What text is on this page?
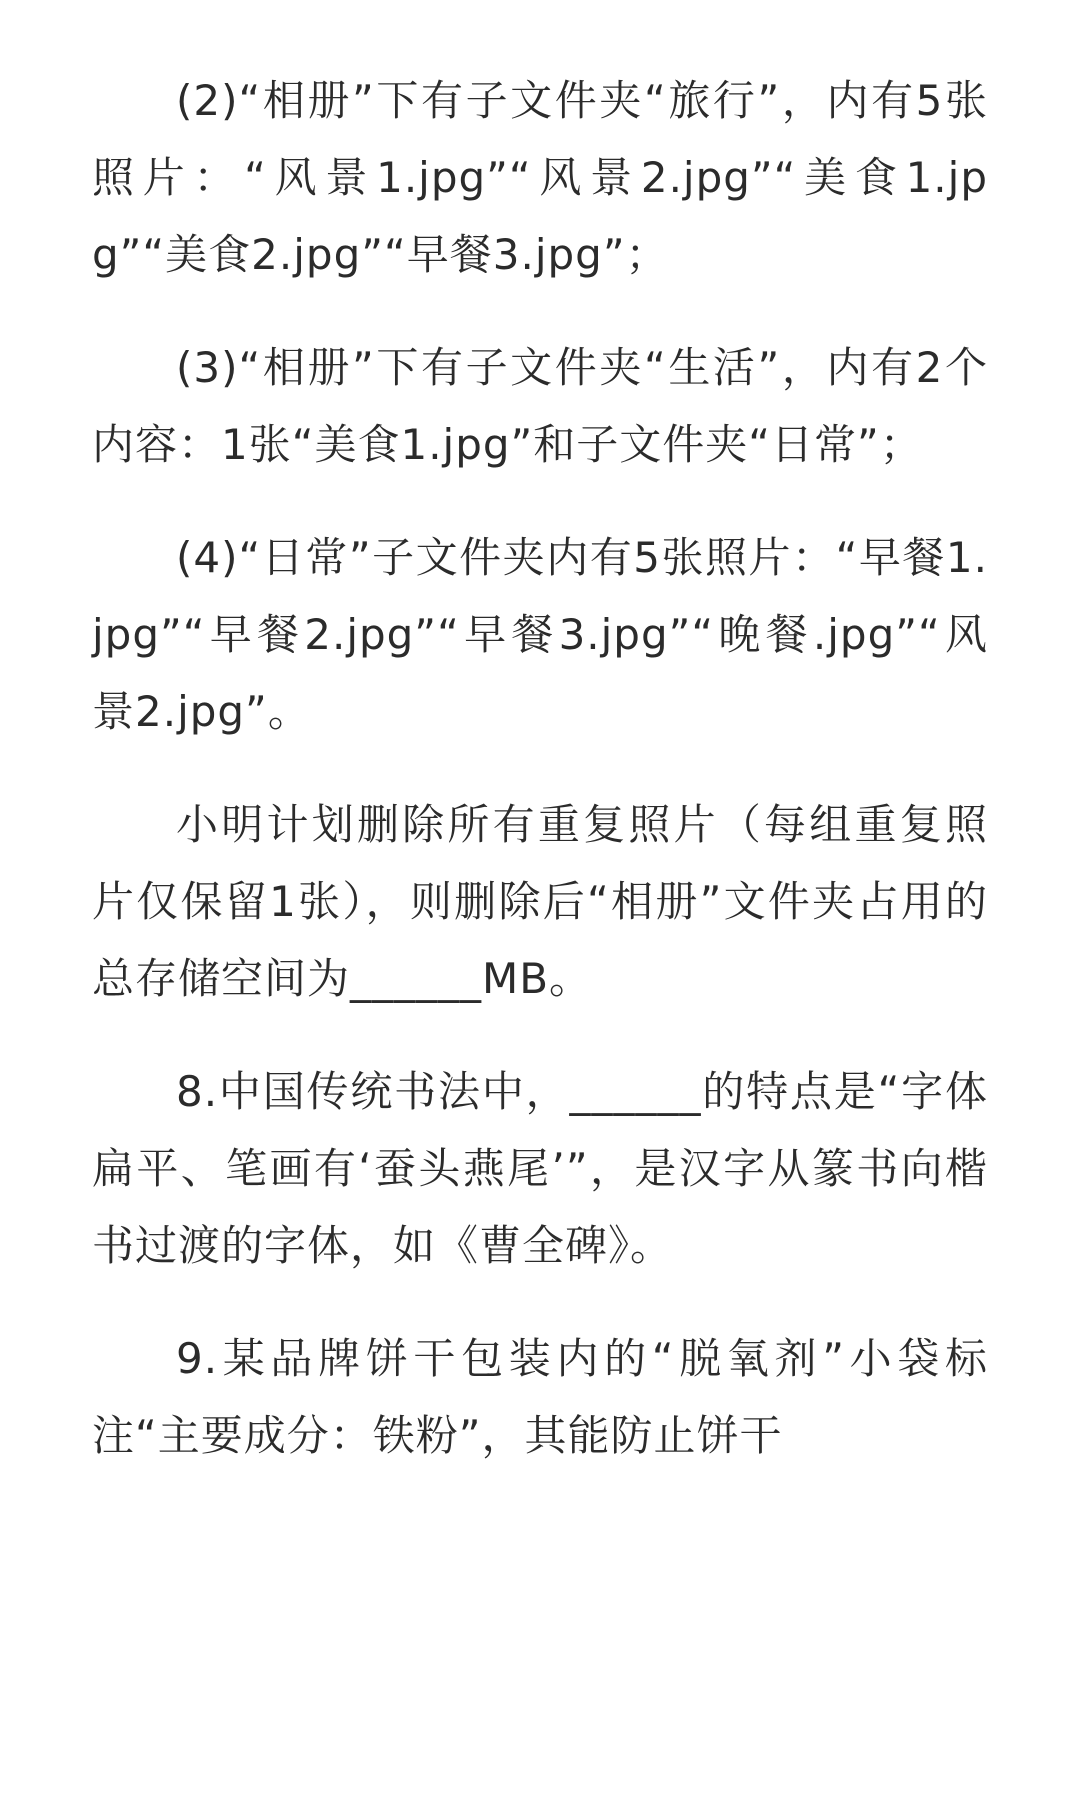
(2)“相册”下有子文件夹“旅行”，内有5张照片：“风景1.jpg”“风景2.jpg”“美食1.jpg”“美食2.jpg”“早餐3.jpg”；

(3)“相册”下有子文件夹“生活”，内有2个内容：1张“美食1.jpg”和子文件夹“日常”；

(4)“日常”子文件夹内有5张照片：“早餐1.jpg”“早餐2.jpg”“早餐3.jpg”“晚餐.jpg”“风景2.jpg”。

小明计划删除所有重复照片（每组重复照片仅保留1张），则删除后“相册”文件夹占用的总存储空间为______MB。

8.中国传统书法中，______的特点是“字体扁平、笔画有‘蚕头燕尾’”，是汉字从篆书向楷书过渡的字体，如《曹全碑》。

9.某品牌饼干包装内的“脱氧剂”小袋标注“主要成分：铁粉”，其能防止饼干
